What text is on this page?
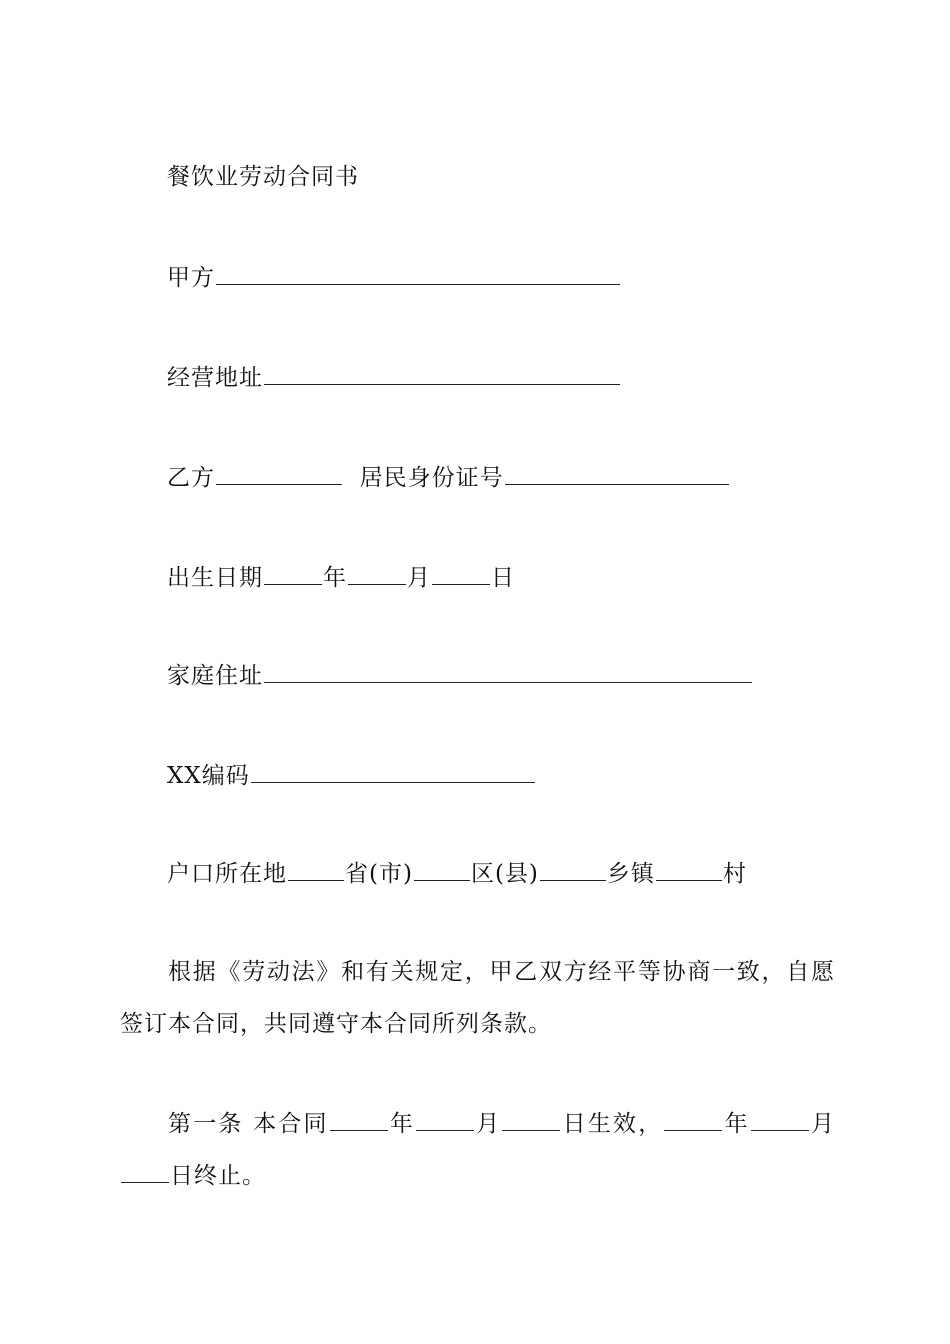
餐饮业劳动合同书
甲方
经营地址
乙方	居民身份证号
出生日期	年	月	日
家庭住址
XX编码
户口所在地	省(市)	区(县)	乡镇	村
根据《劳动法》和有关规定，甲乙双方经平等协商一致，自愿签订本合同，共同遵守本合同所列条款。
第一条 本合同	年	月	日生效，	年	月日终止。
